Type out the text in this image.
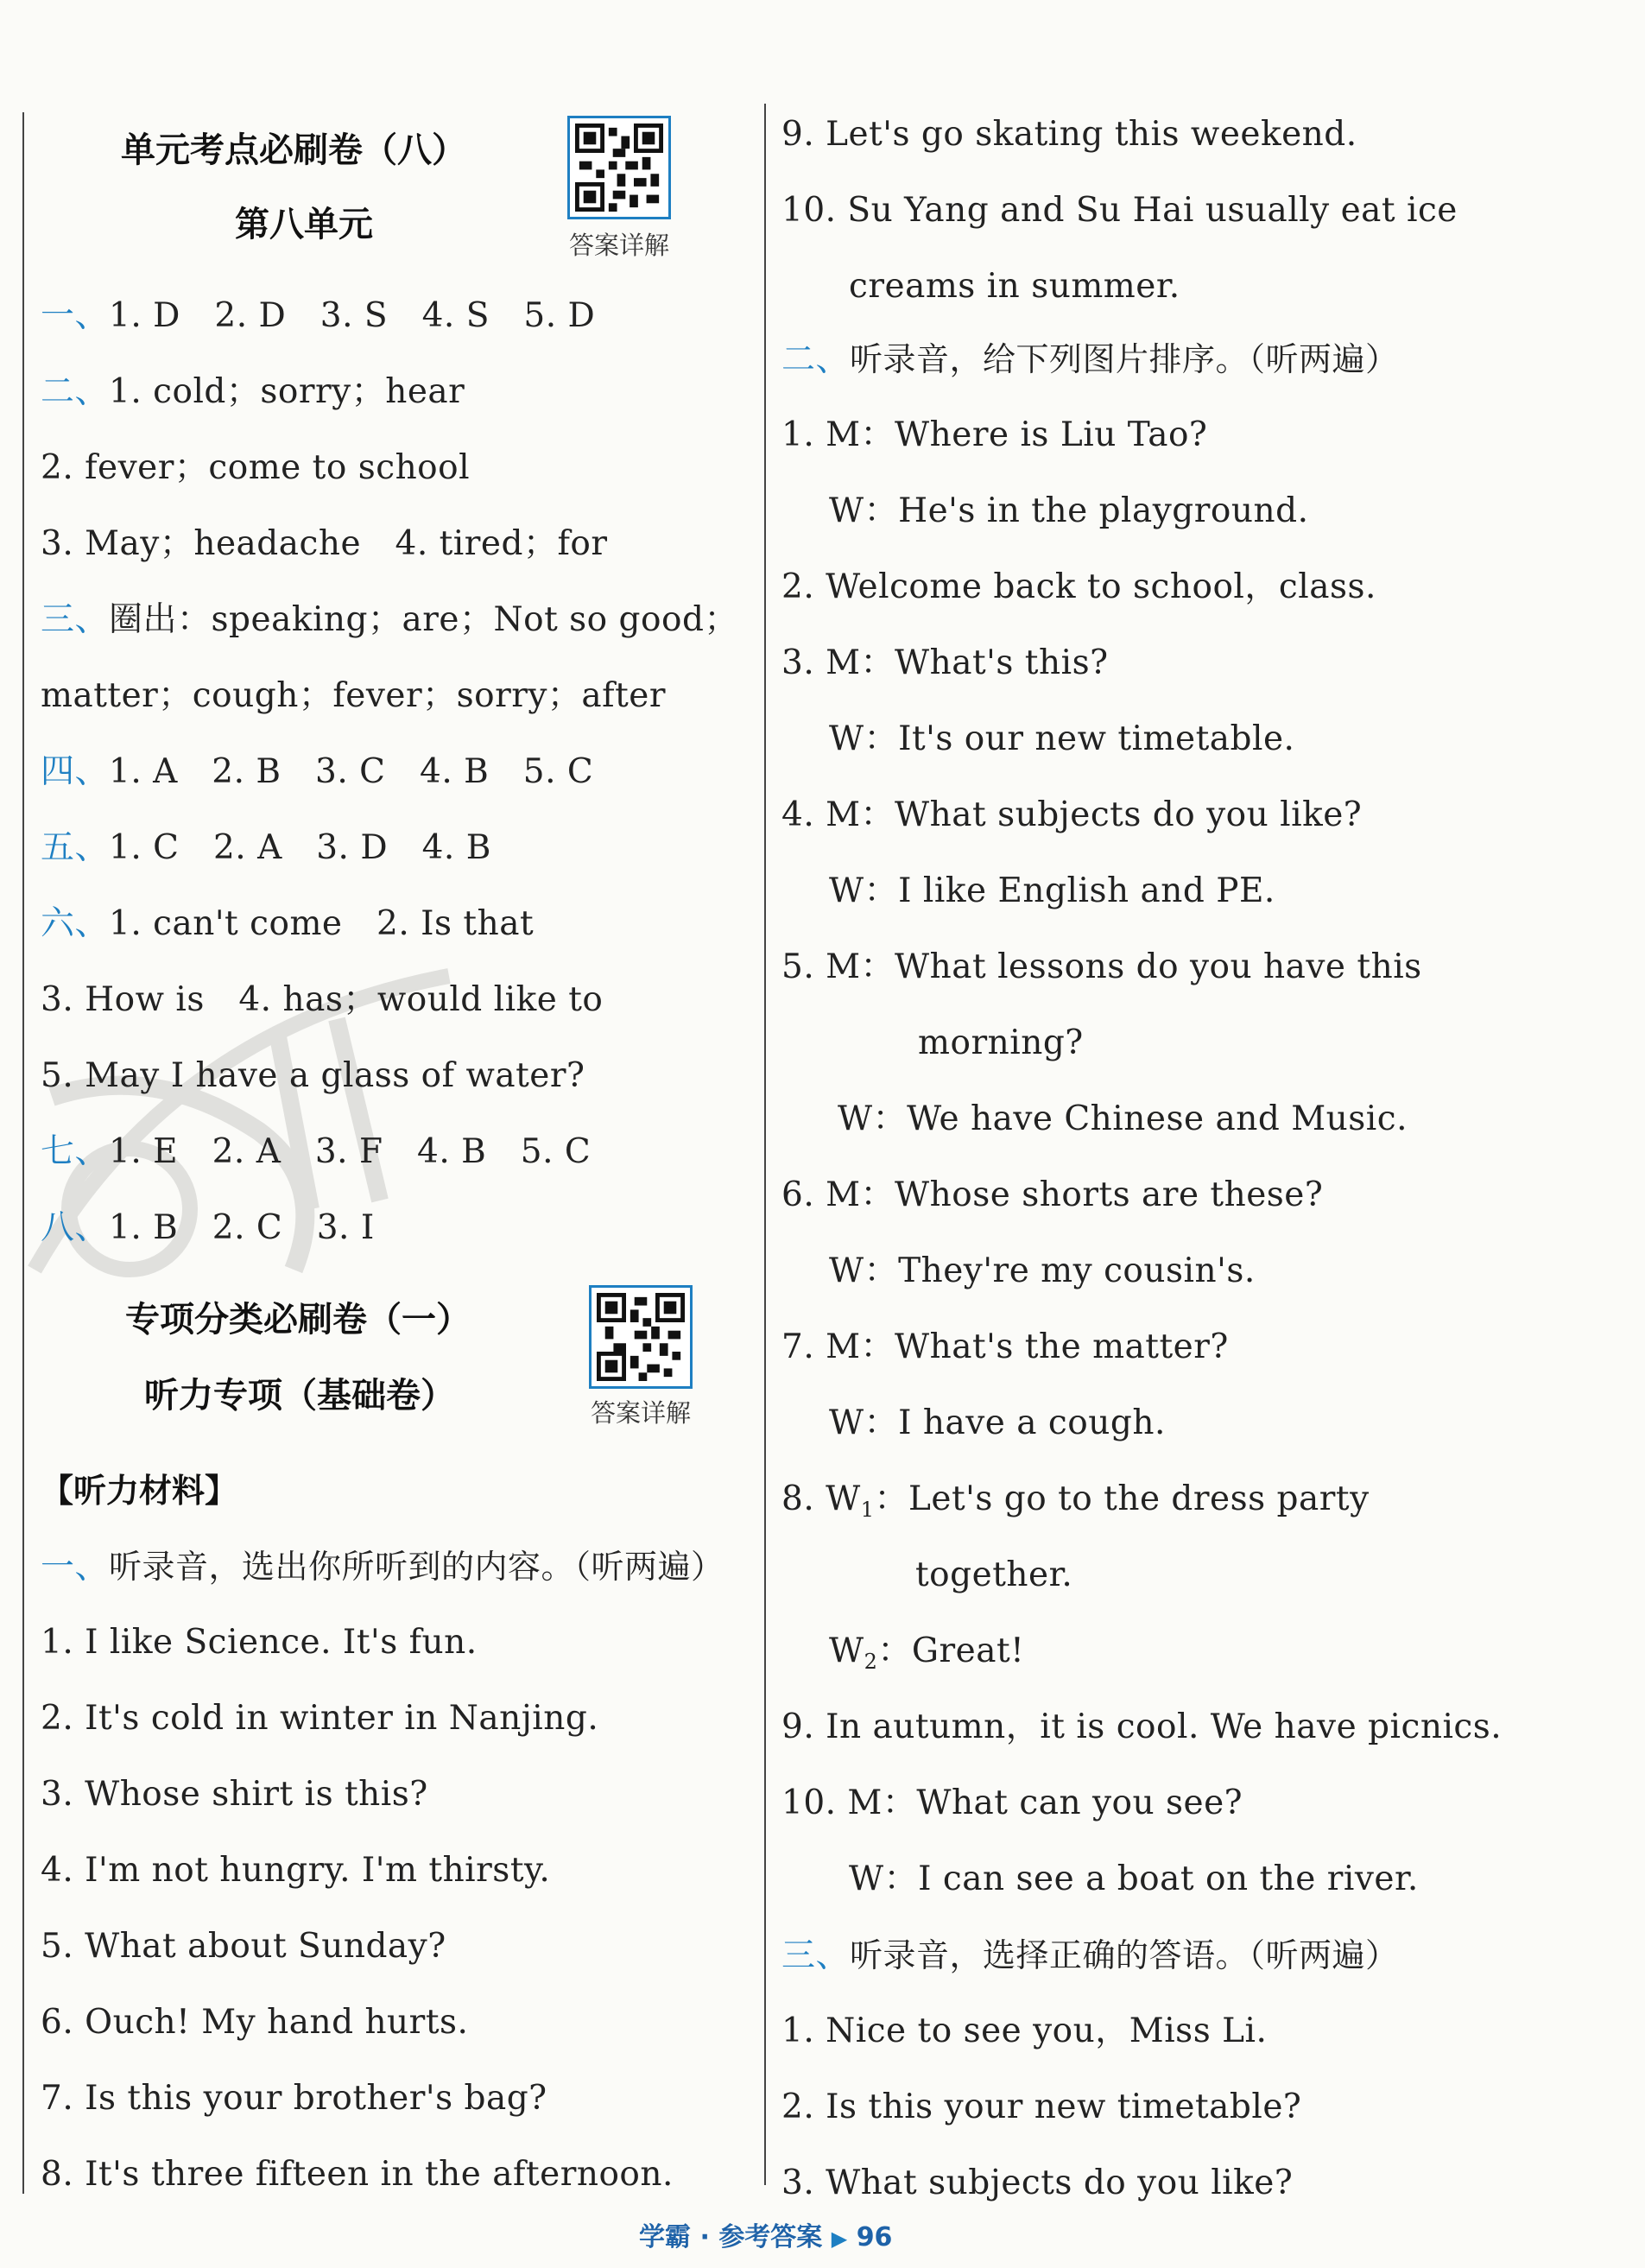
单元考点必刷卷（八）
第八单元
答案详解
一、1. D　2. D　3. S　4. S　5. D
二、1. cold；sorry；hear
2. fever；come to school
3. May；headache　4. tired；for
三、圈出：speaking；are；Not so good；
matter；cough；fever；sorry；after
四、1. A　2. B　3. C　4. B　5. C
五、1. C　2. A　3. D　4. B
六、1. can't come　2. Is that
3. How is　4. has；would like to
5. May I have a glass of water?
七、1. E　2. A　3. F　4. B　5. C
八、1. B　2. C　3. I
专项分类必刷卷（一）
听力专项（基础卷）	答案详解
【听力材料】
一、听录音，选出你所听到的内容。（听两遍）
1. I like Science. It's fun.
2. It's cold in winter in Nanjing.
3. Whose shirt is this?
4. I'm not hungry. I'm thirsty.
5. What about Sunday?
6. Ouch! My hand hurts.
7. Is this your brother's bag?
8. It's three fifteen in the afternoon.
9. Let's go skating this weekend.
10. Su Yang and Su Hai usually eat ice
creams in summer.
二、听录音，给下列图片排序。（听两遍）
1. M：Where is Liu Tao?
W：He's in the playground.
2. Welcome back to school，class.
3. M：What's this?
W：It's our new timetable.
4. M：What subjects do you like?
W：I like English and PE.
5. M：What lessons do you have this
morning?
W：We have Chinese and Music.
6. M：Whose shorts are these?
W：They're my cousin's.
7. M：What's the matter?
W：I have a cough.
8. $W_1$：Let's go to the dress party
together.
$W_2$：Great!
9. In autumn，it is cool. We have picnics.
10. M：What can you see?
W：I can see a boat on the river.
三、听录音，选择正确的答语。（听两遍）
1. Nice to see you，Miss Li.
2. Is this your new timetable?
3. What subjects do you like?
学霸 · 参考答案 ▶ 96
